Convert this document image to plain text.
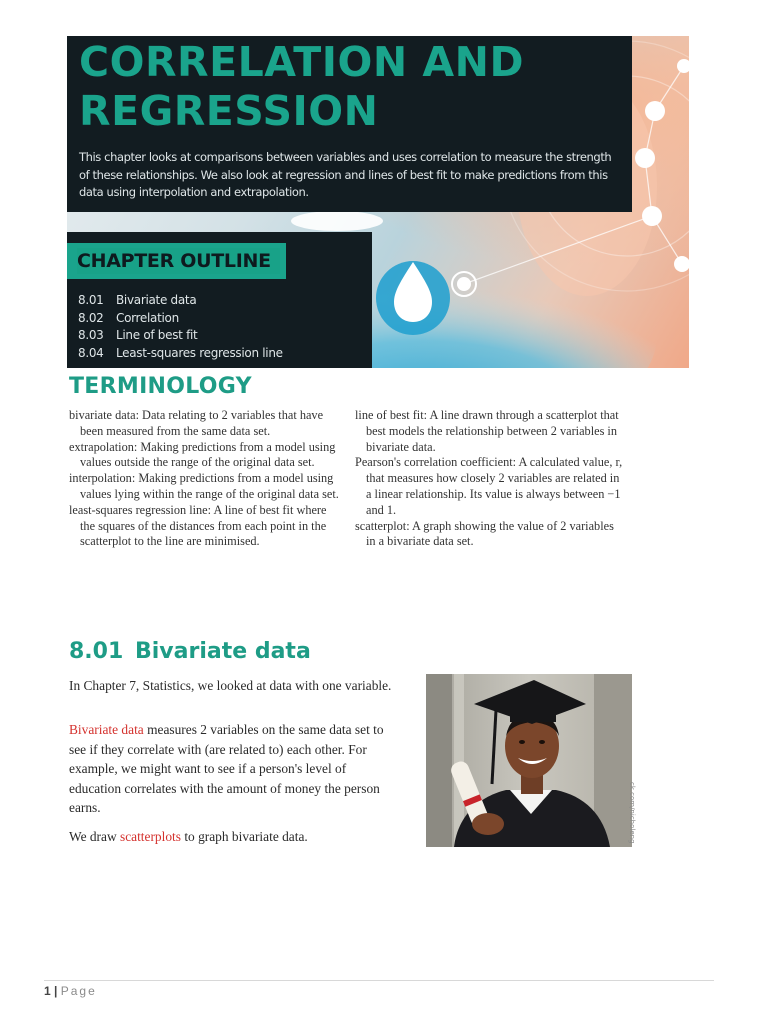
CORRELATION AND REGRESSION

This chapter looks at comparisons between variables and uses correlation to measure the strength of these relationships. We also look at regression and lines of best fit to make predictions from this data using interpolation and extrapolation.

CHAPTER OUTLINE
8.01 Bivariate data
8.02 Correlation
8.03 Line of best fit
8.04 Least-squares regression line
TERMINOLOGY

bivariate data: Data relating to 2 variables that have been measured from the same data set.

extrapolation: Making predictions from a model using values outside the range of the original data set.

interpolation: Making predictions from a model using values lying within the range of the original data set.

least-squares regression line: A line of best fit where the squares of the distances from each point in the scatterplot to the line are minimised.

line of best fit: A line drawn through a scatterplot that best models the relationship between 2 variables in bivariate data.

Pearson's correlation coefficient: A calculated value, r, that measures how closely 2 variables are related in a linear relationship. Its value is always between −1 and 1.

scatterplot: A graph showing the value of 2 variables in a bivariate data set.

8.01 Bivariate data

In Chapter 7, Statistics, we looked at data with one variable.

Bivariate data measures 2 variables on the same data set to see if they correlate with (are related to) each other. For example, we might want to see if a person's level of education correlates with the amount of money the person earns.

We draw scatterplots to graph bivariate data.	ck.com/nicholeng
1 | Page
